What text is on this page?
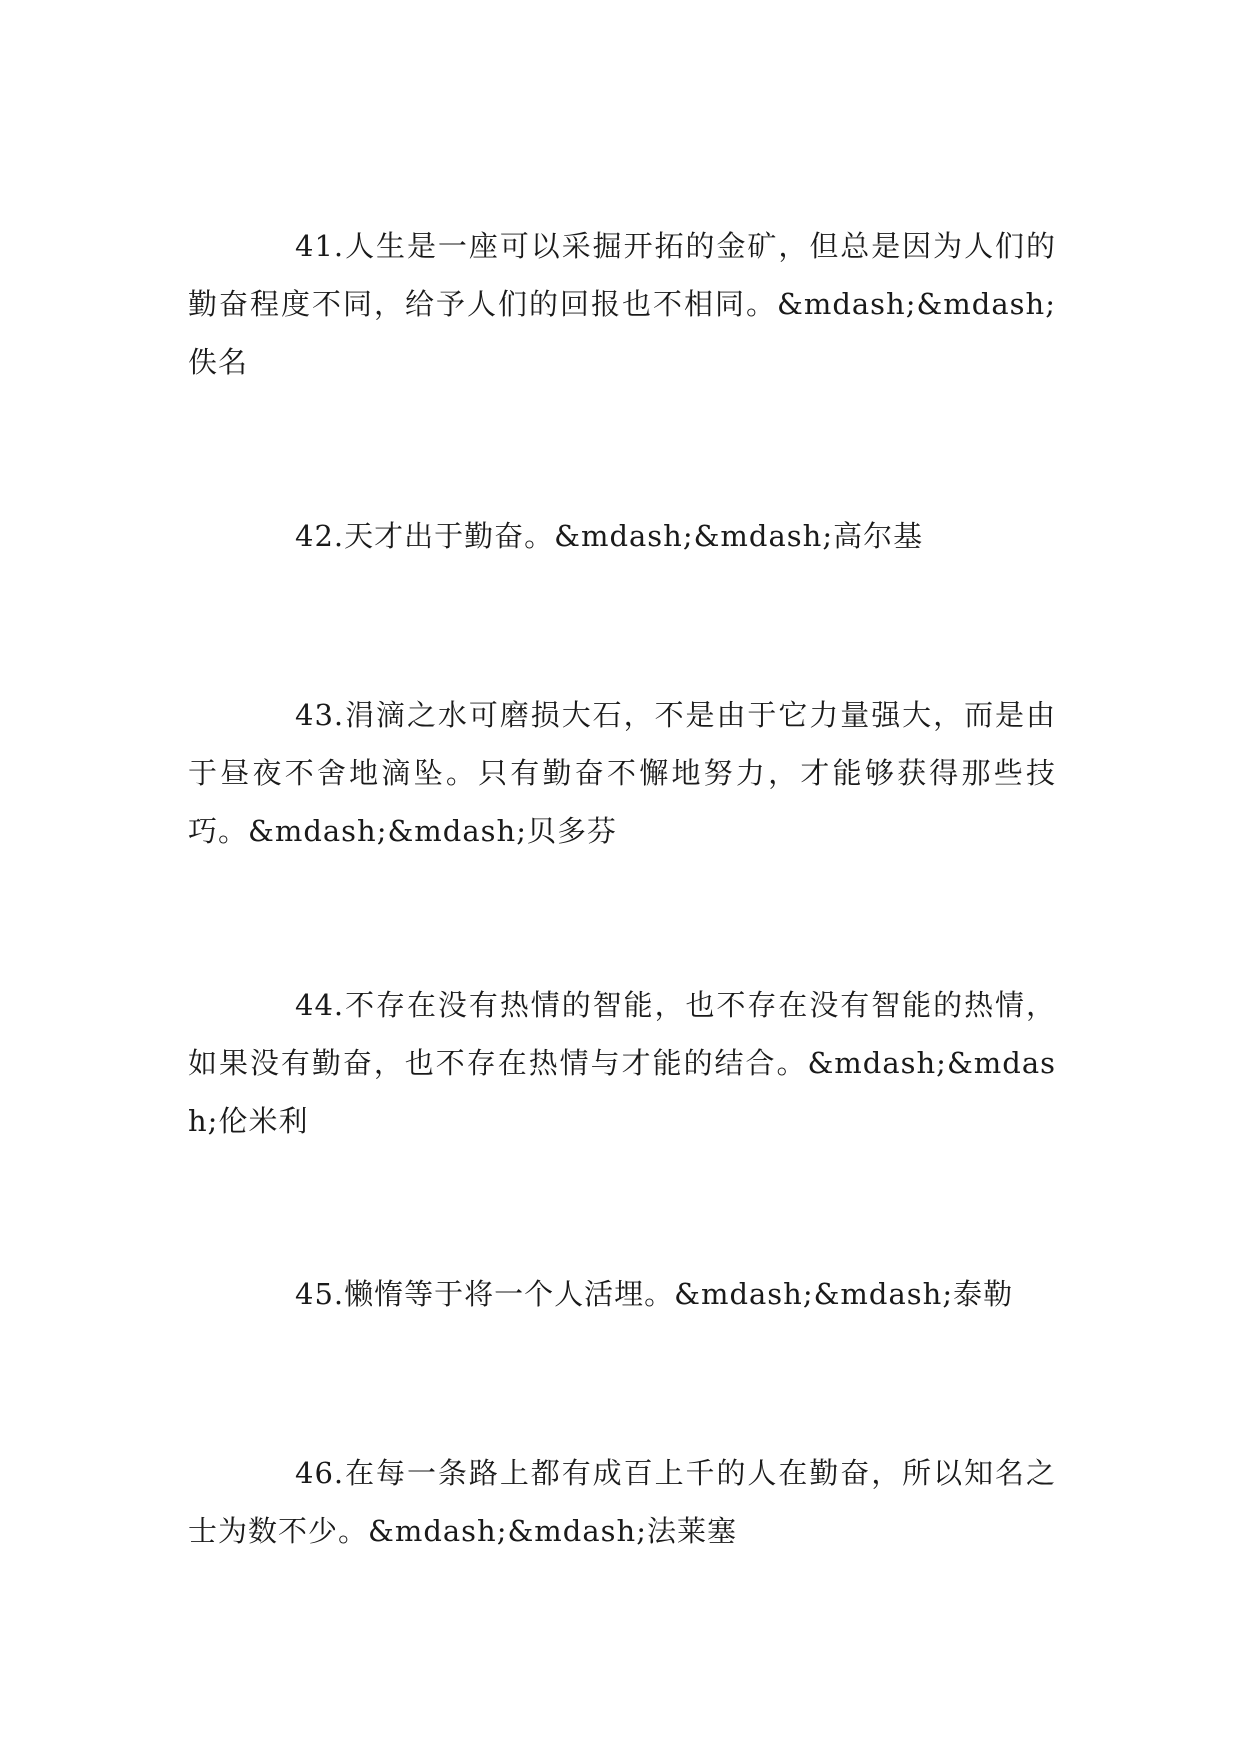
41.人生是一座可以采掘开拓的金矿，但总是因为人们的勤奋程度不同，给予人们的回报也不相同。&mdash;&mdash;佚名

42.天才出于勤奋。&mdash;&mdash;高尔基

43.涓滴之水可磨损大石，不是由于它力量强大，而是由于昼夜不舍地滴坠。只有勤奋不懈地努力，才能够获得那些技巧。&mdash;&mdash;贝多芬

44.不存在没有热情的智能，也不存在没有智能的热情，如果没有勤奋，也不存在热情与才能的结合。&mdash;&mdash;伦米利

45.懒惰等于将一个人活埋。&mdash;&mdash;泰勒

46.在每一条路上都有成百上千的人在勤奋，所以知名之士为数不少。&mdash;&mdash;法莱塞
